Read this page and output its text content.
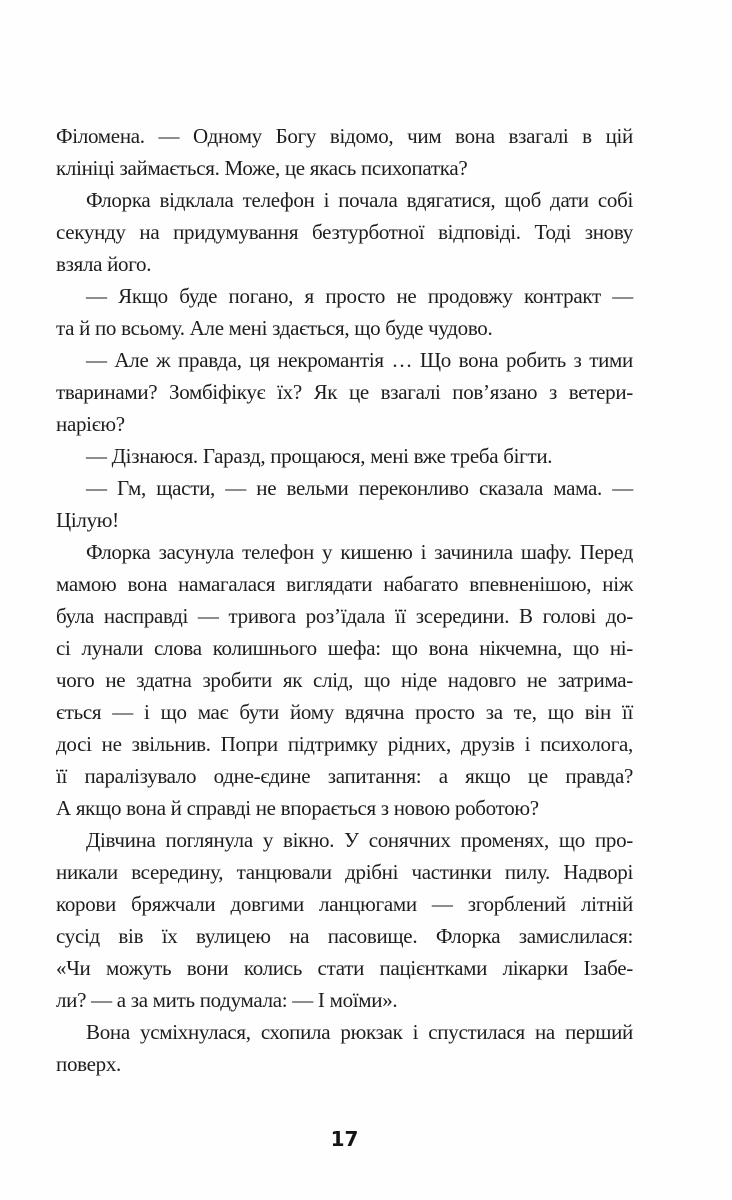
Філомена. — Одному Богу відомо, чим вона взагалі в цій
клініці займається. Може, це якась психопатка?
Флорка відклала телефон і почала вдягатися, щоб дати собі
секунду на придумування безтурботної відповіді. Тоді знову
взяла його.
— Якщо буде погано, я просто не продовжу контракт —
та й по всьому. Але мені здається, що буде чудово.
— Але ж правда, ця некромантія … Що вона робить з тими
тваринами? Зомбіфікує їх? Як це взагалі пов’язано з ветери-
нарією?
— Дізнаюся. Гаразд, прощаюся, мені вже треба бігти.
— Гм, щасти, — не вельми переконливо сказала мама. —
Цілую!
Флорка засунула телефон у кишеню і зачинила шафу. Перед
мамою вона намагалася виглядати набагато впевненішою, ніж
була насправді — тривога роз’їдала її зсередини. В голові до-
сі лунали слова колишнього шефа: що вона нікчемна, що ні-
чого не здатна зробити як слід, що ніде надовго не затрима-
ється — і що має бути йому вдячна просто за те, що він її
досі не звільнив. Попри підтримку рідних, друзів і психолога,
її паралізувало одне-єдине запитання: а якщо це правда?
А якщо вона й справді не впорається з новою роботою?
Дівчина поглянула у вікно. У сонячних променях, що про-
никали всередину, танцювали дрібні частинки пилу. Надворі
корови бряжчали довгими ланцюгами — згорблений літній
сусід вів їх вулицею на пасовище. Флорка замислилася:
«Чи можуть вони колись стати пацієнтками лікарки Ізабе-
ли? — а за мить подумала: — І моїми».
Вона усміхнулася, схопила рюкзак і спустилася на перший
поверх.
17
